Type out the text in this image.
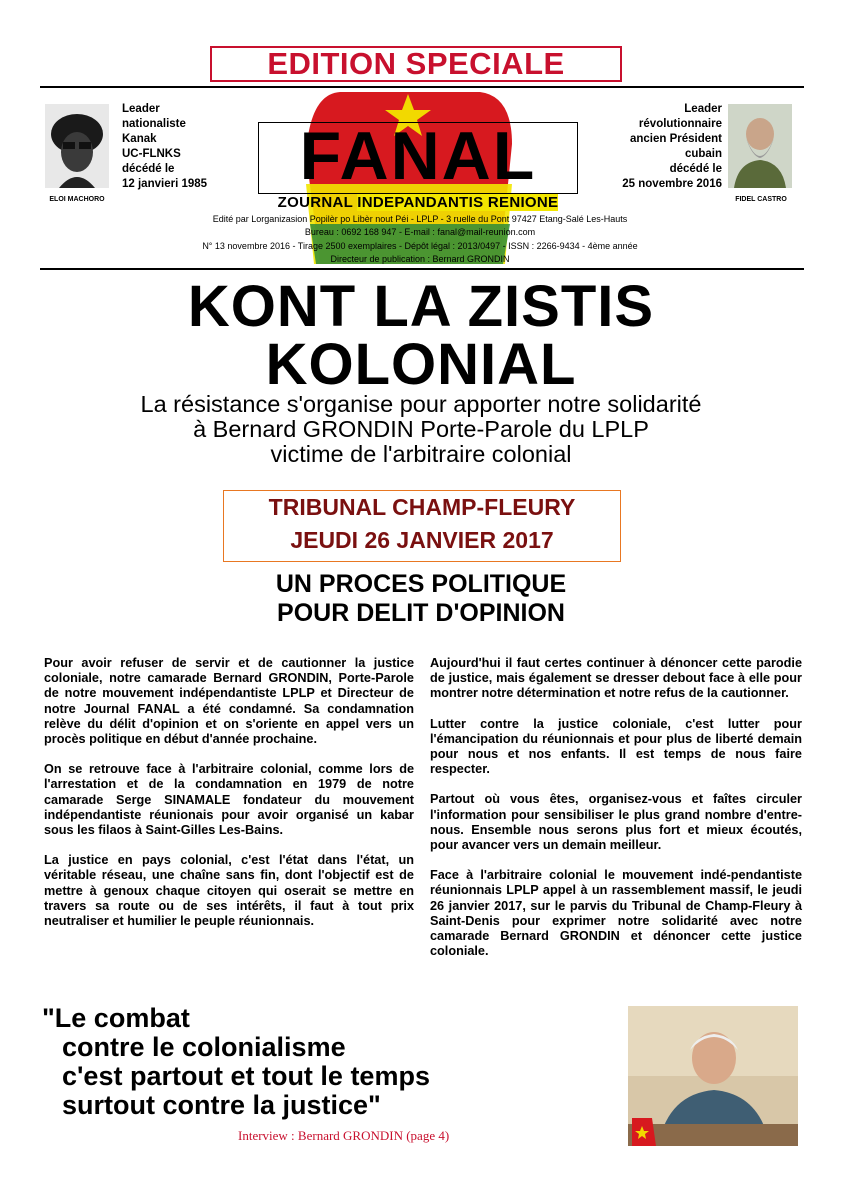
EDITION SPECIALE
ELOI MACHORO
Leader
nationaliste
Kanak
UC-FLNKS
décédé le
12 janvieri 1985
FIDEL CASTRO
Leader
révolutionnaire
ancien Président
cubain
décédé le
25 novembre 2016
FANAL
ZOURNAL INDEPANDANTIS RENIONE
Edité par Lorganizasion Popilèr po Libèr nout Péi - LPLP - 3 ruelle du Pont 97427 Etang-Salé Les-Hauts
Bureau : 0692 168 947 - E-mail : fanal@mail-reunion.com
N° 13 novembre 2016 - Tirage 2500 exemplaires - Dépôt légal : 2013/0497 - ISSN : 2266-9434 - 4ème année
Directeur de publication : Bernard GRONDIN
KONT LA ZISTIS
KOLONIAL
La résistance s'organise pour apporter notre solidarité
à Bernard GRONDIN Porte-Parole du LPLP
victime de l'arbitraire colonial
TRIBUNAL CHAMP-FLEURY
JEUDI 26 JANVIER 2017
UN PROCES POLITIQUE
POUR DELIT D'OPINION

Pour avoir refuser de servir et de cautionner la justice coloniale, notre camarade Bernard GRONDIN, Porte-Parole de notre mouvement indépendantiste LPLP et Directeur de notre Journal FANAL a été condamné. Sa condamnation relève du délit d'opinion et on s'oriente en appel vers un procès politique en début d'année prochaine.

On se retrouve face à l'arbitraire colonial, comme lors de l'arrestation et de la condamnation en 1979 de notre camarade Serge SINAMALE fondateur du mouvement indépendantiste réunionais pour avoir organisé un kabar sous les filaos à Saint-Gilles Les-Bains.

La justice en pays colonial, c'est l'état dans l'état, un véritable réseau, une chaîne sans fin, dont l'objectif est de mettre à genoux chaque citoyen qui oserait se mettre en travers sa route ou de ses intérêts, il faut à tout prix neutraliser et humilier le peuple réunionnais.

Aujourd'hui il faut certes continuer à dénoncer cette parodie de justice, mais également se dresser debout face à elle pour montrer notre détermination et notre refus de la cautionner.

Lutter contre la justice coloniale, c'est lutter pour l'émancipation du réunionnais et pour plus de liberté demain pour nous et nos enfants. Il est temps de nous faire respecter.

Partout où vous êtes, organisez-vous et faîtes circuler l'information pour sensibiliser le plus grand nombre d'entre-nous. Ensemble nous serons plus fort et mieux écoutés, pour avancer vers un demain meilleur.

Face à l'arbitraire colonial le mouvement indé-pendantiste réunionnais LPLP appel à un rassemblement massif, le jeudi 26 janvier 2017, sur le parvis du Tribunal de Champ-Fleury à Saint-Denis pour exprimer notre solidarité avec notre camarade Bernard GRONDIN et dénoncer cette justice coloniale.

"Le combat
contre le colonialisme
c'est partout et tout le temps
surtout contre la justice"
Interview : Bernard GRONDIN (page 4)
